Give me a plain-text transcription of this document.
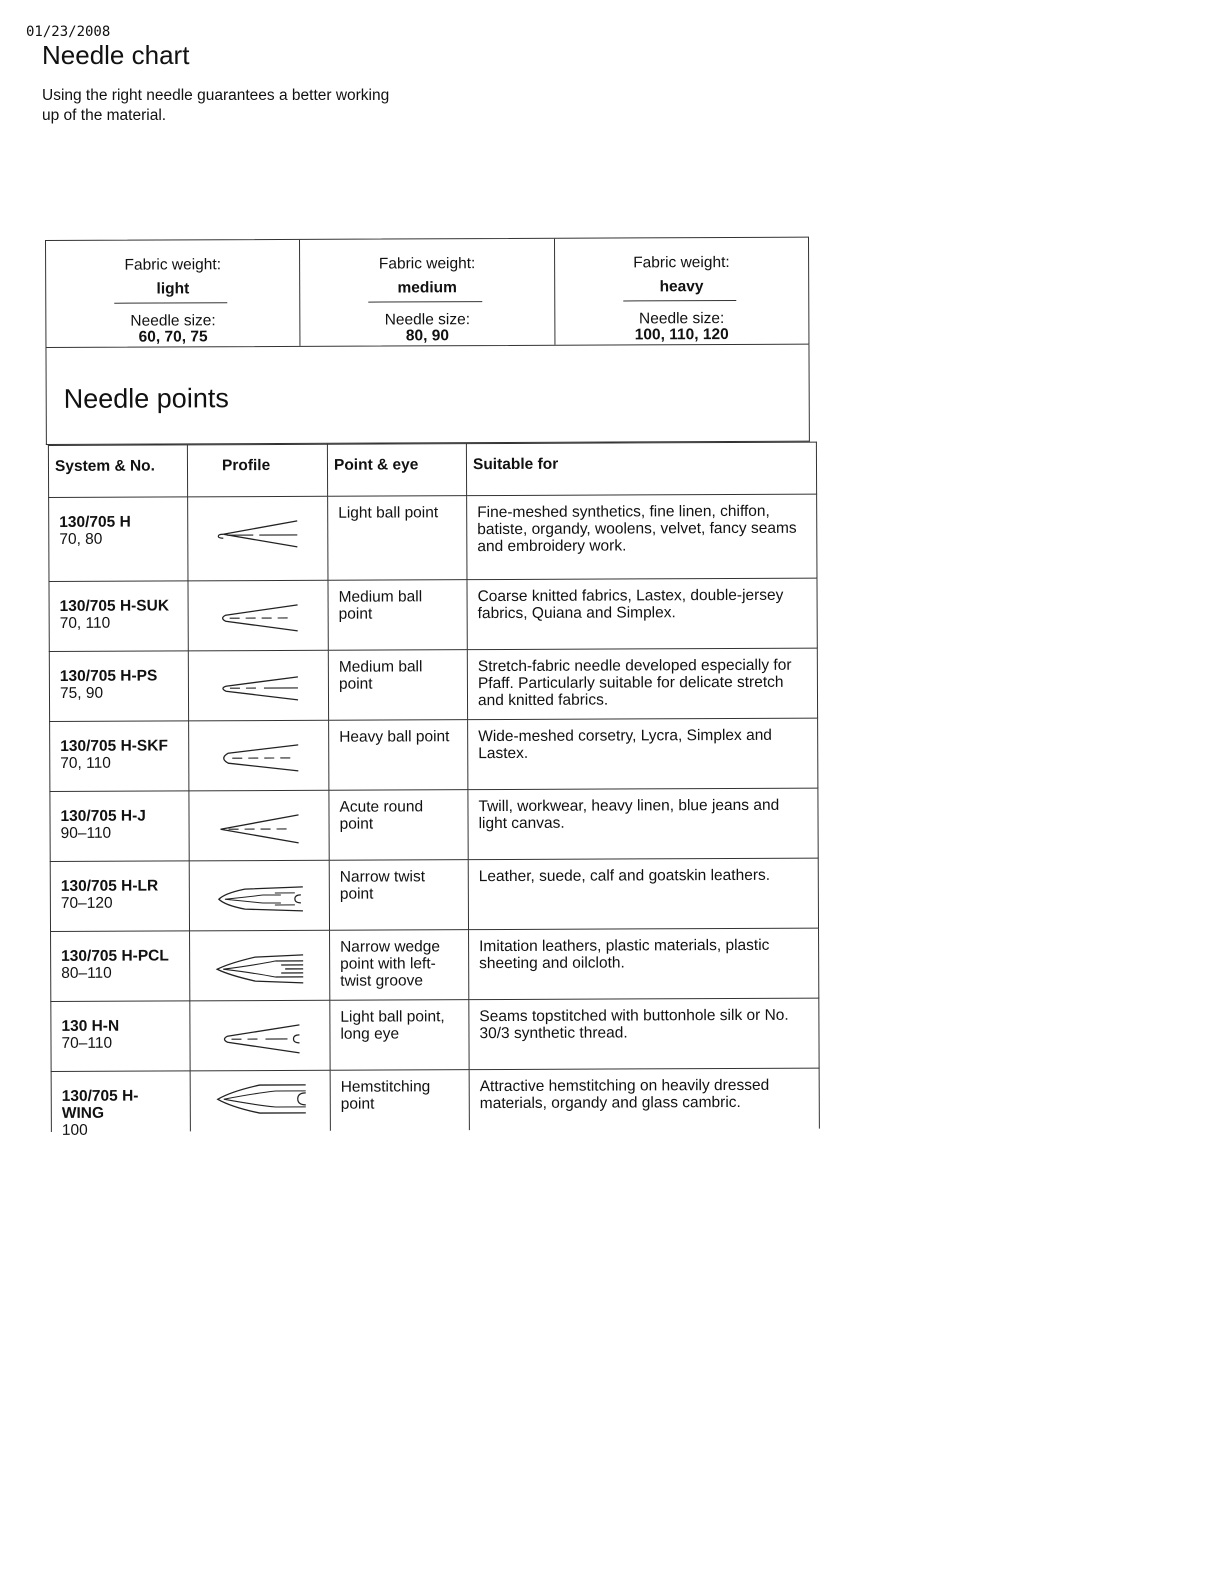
01/23/2008
Needle chart
Using the right needle guarantees a better working up of the material.
Fabric weight:
light
Needle size:
60, 70, 75
Fabric weight:
medium
Needle size:
80, 90
Fabric weight:
heavy
Needle size:
100, 110, 120
Needle points
System & No.	Profile	Point & eye	Suitable for

130/705 H
70, 80		Light ball point	Fine-meshed synthetics, fine linen, chiffon, batiste, organdy, woolens, velvet, fancy seams and embroidery work.

130/705 H-SUK
70, 110		Medium ball point	Coarse knitted fabrics, Lastex, double-jersey fabrics, Quiana and Simplex.

130/705 H-PS
75, 90		Medium ball point	Stretch-fabric needle developed especially for Pfaff. Particularly suitable for delicate stretch and knitted fabrics.

130/705 H-SKF
70, 110		Heavy ball point	Wide-meshed corsetry, Lycra, Simplex and Lastex.

130/705 H-J
90–110		Acute round point	Twill, workwear, heavy linen, blue jeans and light canvas.

130/705 H-LR
70–120		Narrow twist point	Leather, suede, calf and goatskin leathers.

130/705 H-PCL
80–110		Narrow wedge point with left-twist groove	Imitation leathers, plastic materials, plastic sheeting and oilcloth.

130 H-N
70–110		Light ball point, long eye	Seams topstitched with buttonhole silk or No. 30/3 synthetic thread.

130/705 H-WING
100		Hemstitching point	Attractive hemstitching on heavily dressed materials, organdy and glass cambric.
